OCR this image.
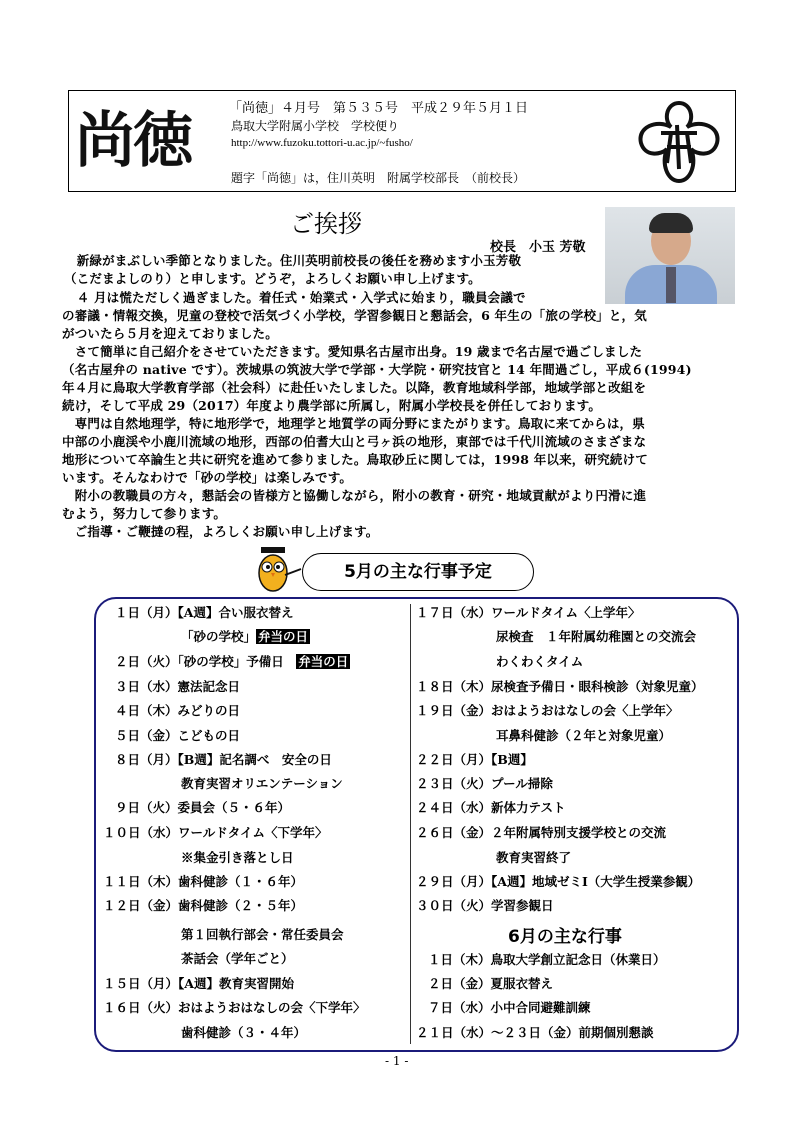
尚徳	「尚徳」４月号　第５３５号　平成２９年５月１日
鳥取大学附属小学校　学校便り
http://www.fuzoku.tottori-u.ac.jp/~fusho/
題字「尚徳」は，住川英明　附属学校部長　（前校長）
ご挨拶
校長　小玉 芳敬
　新緑がまぶしい季節となりました。住川英明前校長の後任を務めます小玉芳敬
（こだまよしのり）と申します。どうぞ，よろしくお願い申し上げます。
　４ 月は慌ただしく過ぎました。着任式・始業式・入学式に始まり，職員会議で
の審議・情報交換，児童の登校で活気づく小学校，学習参観日と懇話会，6 年生の「旅の学校」と，気
がついたら５月を迎えておりました。
　さて簡単に自己紹介をさせていただきます。愛知県名古屋市出身。19 歳まで名古屋で過ごしました
（名古屋弁の native です）。茨城県の筑波大学で学部・大学院・研究技官と 14 年間過ごし，平成６(1994)
年４月に鳥取大学教育学部（社会科）に赴任いたしました。以降，教育地域科学部，地域学部と改組を
続け，そして平成 29（2017）年度より農学部に所属し，附属小学校長を併任しております。
　専門は自然地理学，特に地形学で，地理学と地質学の両分野にまたがります。鳥取に来てからは，県
中部の小鹿渓や小鹿川流域の地形，西部の伯耆大山と弓ヶ浜の地形，東部では千代川流域のさまざまな
地形について卒論生と共に研究を進めて参りました。鳥取砂丘に関しては，1998 年以来，研究続けて
います。そんなわけで「砂の学校」は楽しみです。
　附小の教職員の方々，懇話会の皆様方と協働しながら，附小の教育・研究・地域貢献がより円滑に進
むよう，努力して参ります。
　ご指導・ご鞭撻の程，よろしくお願い申し上げます。
5月の主な行事予定
１日（月）【A週】合い服衣替え
「砂の学校」 弁当の日
２日（火）「砂の学校」予備日　弁当の日
３日（水）憲法記念日
４日（木）みどりの日
５日（金）こどもの日
８日（月）【B週】記名調べ　安全の日
教育実習オリエンテーション
９日（火）委員会（５・６年）
１０日（水）ワールドタイム〈下学年〉
※集金引き落とし日
１１日（木）歯科健診（１・６年）
１２日（金）歯科健診（２・５年）
第１回執行部会・常任委員会
茶話会（学年ごと）
１５日（月）【A週】教育実習開始
１６日（火）おはようおはなしの会〈下学年〉
歯科健診（３・４年）
１７日（水）ワールドタイム〈上学年〉
尿検査　１年附属幼稚園との交流会
わくわくタイム
１８日（木）尿検査予備日・眼科検診（対象児童）
１９日（金）おはようおはなしの会〈上学年〉
耳鼻科健診（２年と対象児童）
２２日（月）【B週】
２３日（火）プール掃除
２４日（水）新体力テスト
２６日（金）２年附属特別支援学校との交流
教育実習終了
２９日（月）【A週】地域ゼミⅠ（大学生授業参観）
３０日（火）学習参観日
6月の主な行事
１日（木）鳥取大学創立記念日（休業日）
２日（金）夏服衣替え
７日（水）小中合同避難訓練
２１日（水）～２３日（金）前期個別懇談
- 1 -
